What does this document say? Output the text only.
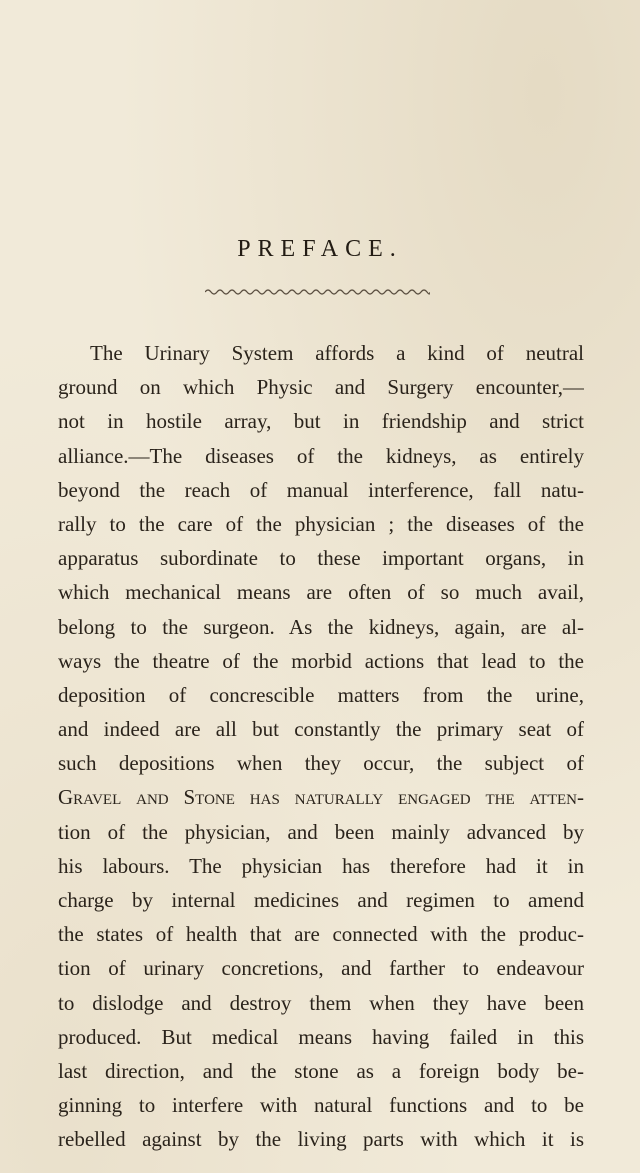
PREFACE.
The Urinary System affords a kind of neutral
ground on which Physic and Surgery encounter,—
not in hostile array, but in friendship and strict
alliance.—The diseases of the kidneys, as entirely
beyond the reach of manual interference, fall natu-
rally to the care of the physician ; the diseases of the
apparatus subordinate to these important organs, in
which mechanical means are often of so much avail,
belong to the surgeon. As the kidneys, again, are al-
ways the theatre of the morbid actions that lead to the
deposition of concrescible matters from the urine,
and indeed are all but constantly the primary seat of
such depositions when they occur, the subject of
Gravel and Stone has naturally engaged the atten-
tion of the physician, and been mainly advanced by
his labours. The physician has therefore had it in
charge by internal medicines and regimen to amend
the states of health that are connected with the produc-
tion of urinary concretions, and farther to endeavour
to dislodge and destroy them when they have been
produced. But medical means having failed in this
last direction, and the stone as a foreign body be-
ginning to interfere with natural functions and to be
rebelled against by the living parts with which it is
